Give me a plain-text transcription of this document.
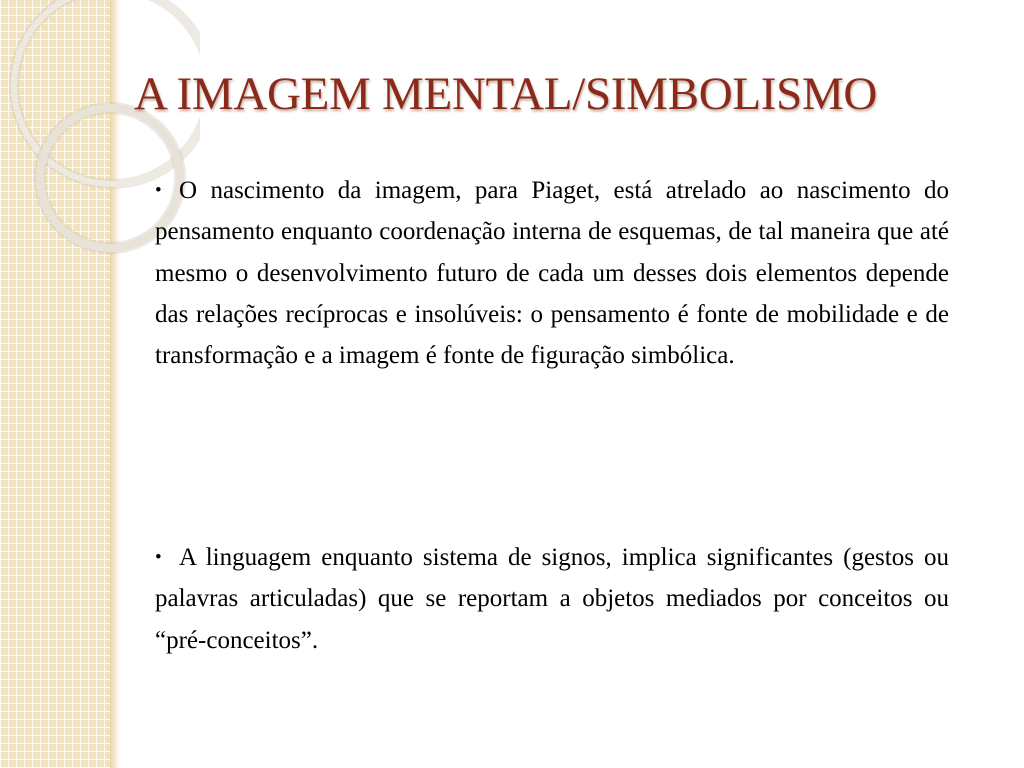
A IMAGEM MENTAL/SIMBOLISMO

• O nascimento da imagem, para Piaget, está atrelado ao nascimento do pensamento enquanto coordenação interna de esquemas, de tal maneira que até mesmo o desenvolvimento futuro de cada um desses dois elementos depende das relações recíprocas e insolúveis: o pensamento é fonte de mobilidade e de transformação e a imagem é fonte de figuração simbólica.

• A linguagem enquanto sistema de signos, implica significantes (gestos ou palavras articuladas) que se reportam a objetos mediados por conceitos ou “pré-conceitos”.
